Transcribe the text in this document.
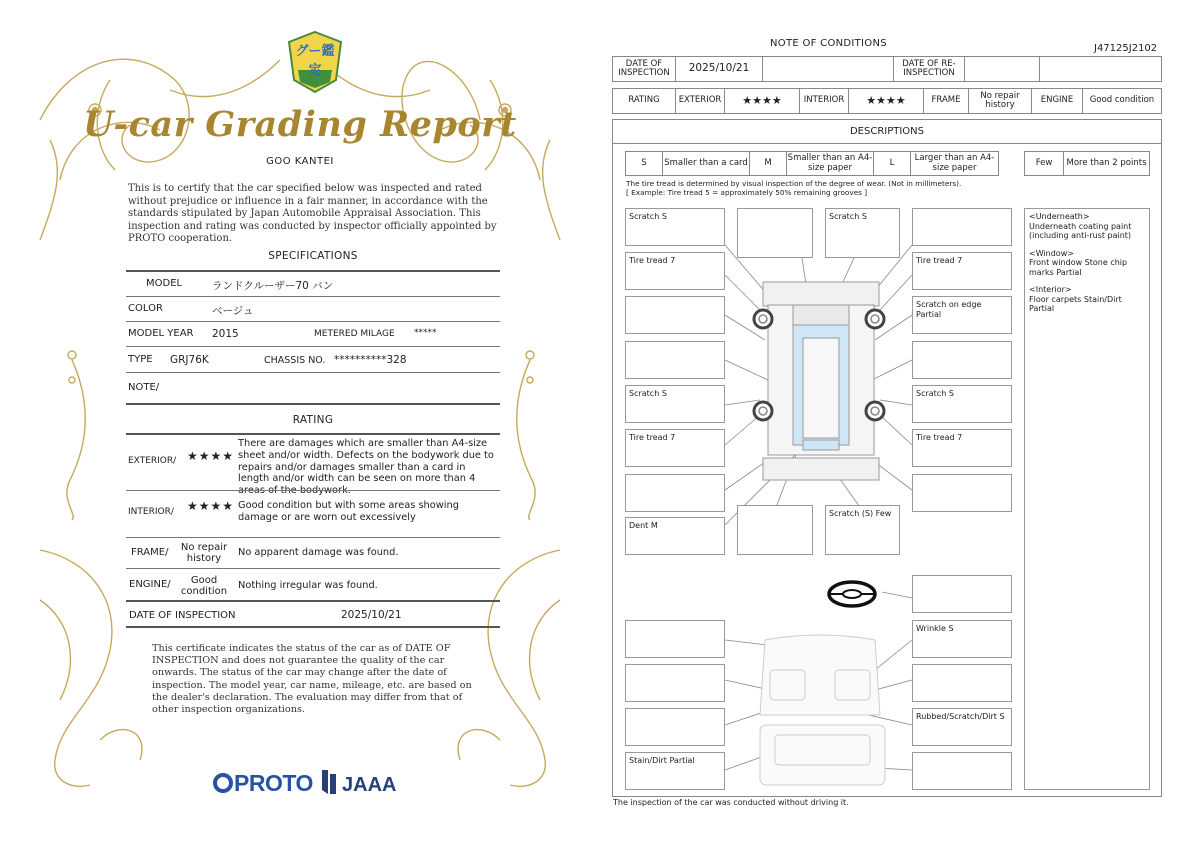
グー鑑定
U-car Grading Report
GOO KANTEI
This is to certify that the car specified below was inspected and rated without prejudice or influence in a fair manner, in accordance with the standards stipulated by Japan Automobile Appraisal Association. This inspection and rating was conducted by inspector officially appointed by PROTO cooperation.
SPECIFICATIONS
MODEL	ランドクルーザー70 バン
COLOR	ベージュ
MODEL YEAR 2015	METERED MILAGE *****
TYPE GRJ76K	CHASSIS NO. **********328
NOTE/
RATING
EXTERIOR/ ★★★★
There are damages which are smaller than A4-size sheet and/or width. Defects on the bodywork due to repairs and/or damages smaller than a card in length and/or width can be seen on more than 4
INTERIOR/ ★★★★ Good condition but with some areas showing damage or are worn out excessively
FRAME/	No repair history
No apparent damage was found.
ENGINE/	Good condition
Nothing irregular was found.
DATE OF INSPECTION	2025/10/21
This certificate indicates the status of the car as of DATE OF INSPECTION and does not guarantee the quality of the car onwards. The status of the car may change after the date of inspection. The model year, car name, mileage, etc. are based on the dealer's declaration. The evaluation may differ from that of other inspection organizations.
PROTO JAAA
NOTE OF CONDITIONS	J47125J2102
DATE OF INSPECTION	2025/10/21		DATE OF RE-INSPECTION		
RATING	EXTERIOR	★★★★	INTERIOR	★★★★	FRAME	No repair history	ENGINE	Good condition
DESCRIPTIONS
S	Smaller than a card	M	Smaller than an A4-size paper	L	Larger than an A4-size paper	Few	More than 2 points
The tire tread is determined by visual inspection of the degree of wear. (Not in millimeters).
[ Example: Tire tread 5 = approximately 50% remaining grooves ]
Scratch S	Scratch S
Tire tread 7	Tire tread 7
Scratch on edge Partial
Scratch S	Scratch S
Tire tread 7	Tire tread 7
Dent M
Scratch (S) Few
Wrinkle S
Rubbed/Scratch/Dirt S
Stain/Dirt Partial
<Underneath>
Underneath coating paint (including anti-rust paint)
<Window>
Front window Stone chip marks Partial
<Interior>
Floor carpets Stain/Dirt Partial
The inspection of the car was conducted without driving it.
